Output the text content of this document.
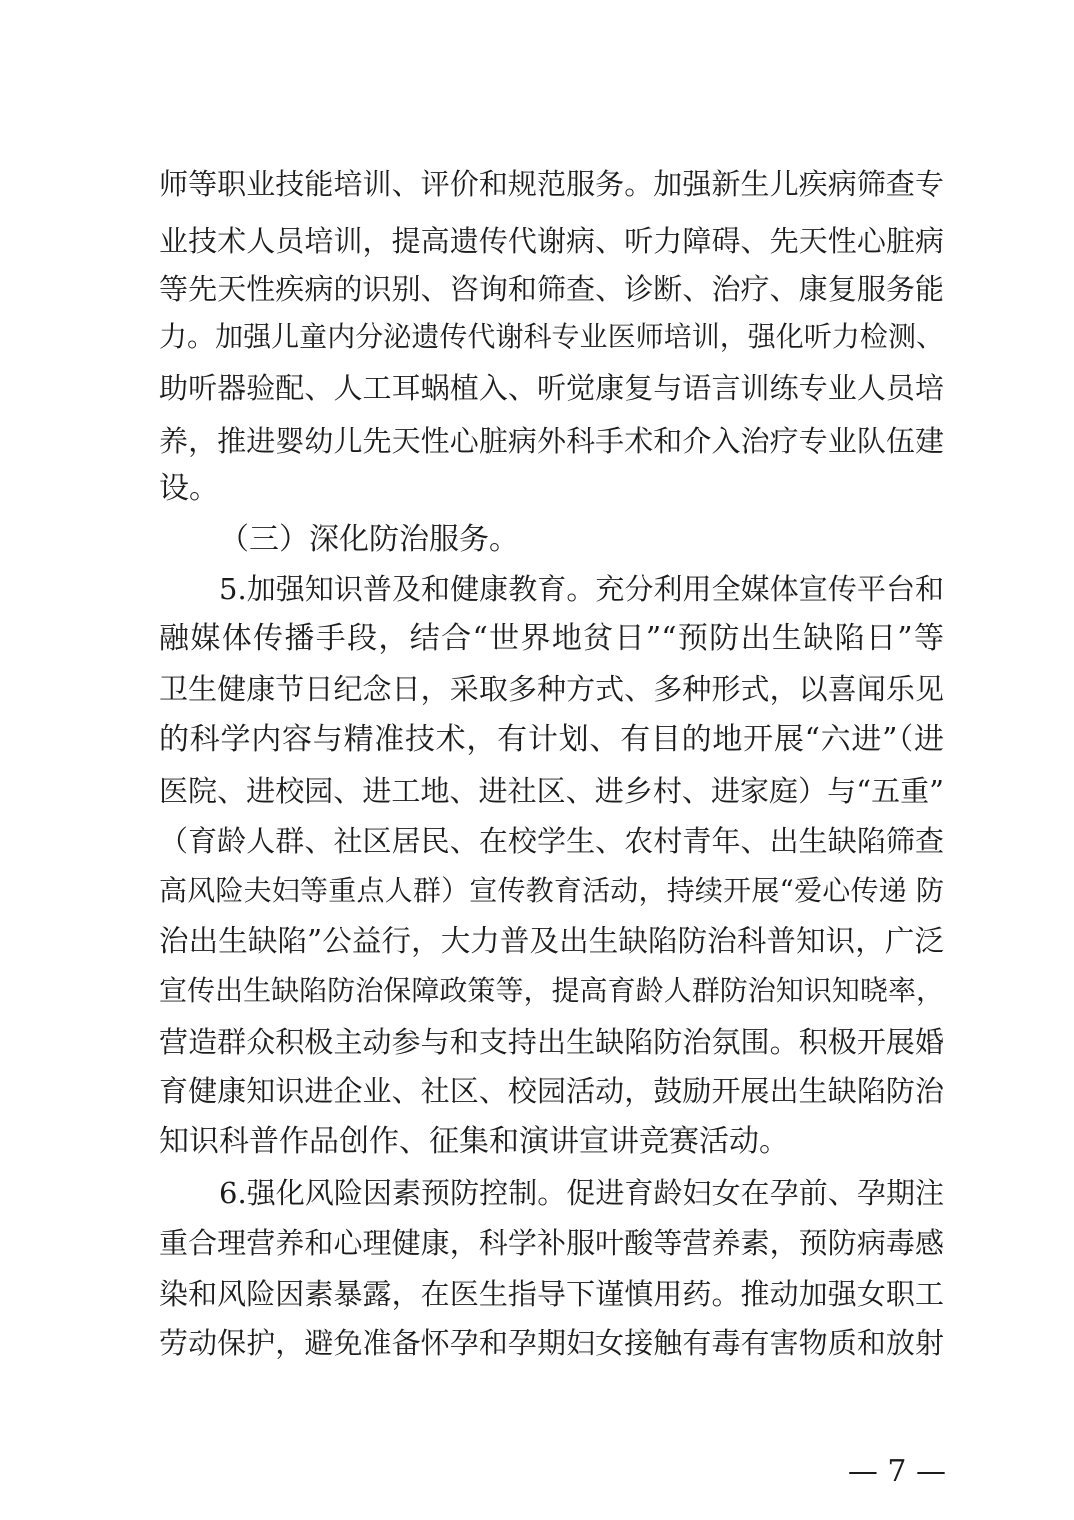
师等职业技能培训、评价和规范服务。加强新生儿疾病筛查专
业技术人员培训，提高遗传代谢病、听力障碍、先天性心脏病
等先天性疾病的识别、咨询和筛查、诊断、治疗、康复服务能
力。加强儿童内分泌遗传代谢科专业医师培训，强化听力检测、
助听器验配、人工耳蜗植入、听觉康复与语言训练专业人员培
养，推进婴幼儿先天性心脏病外科手术和介入治疗专业队伍建
设。
（三）深化防治服务。
5.加强知识普及和健康教育。充分利用全媒体宣传平台和
融媒体传播手段，结合“世界地贫日”“预防出生缺陷日”等
卫生健康节日纪念日，采取多种方式、多种形式，以喜闻乐见
的科学内容与精准技术，有计划、有目的地开展“六进”（进
医院、进校园、进工地、进社区、进乡村、进家庭）与“五重”
（育龄人群、社区居民、在校学生、农村青年、出生缺陷筛查
高风险夫妇等重点人群）宣传教育活动，持续开展“爱心传递 防
治出生缺陷”公益行，大力普及出生缺陷防治科普知识，广泛
宣传出生缺陷防治保障政策等，提高育龄人群防治知识知晓率，
营造群众积极主动参与和支持出生缺陷防治氛围。积极开展婚
育健康知识进企业、社区、校园活动，鼓励开展出生缺陷防治
知识科普作品创作、征集和演讲宣讲竞赛活动。
6.强化风险因素预防控制。促进育龄妇女在孕前、孕期注
重合理营养和心理健康，科学补服叶酸等营养素，预防病毒感
染和风险因素暴露，在医生指导下谨慎用药。推动加强女职工
劳动保护，避免准备怀孕和孕期妇女接触有毒有害物质和放射
— 7 —
